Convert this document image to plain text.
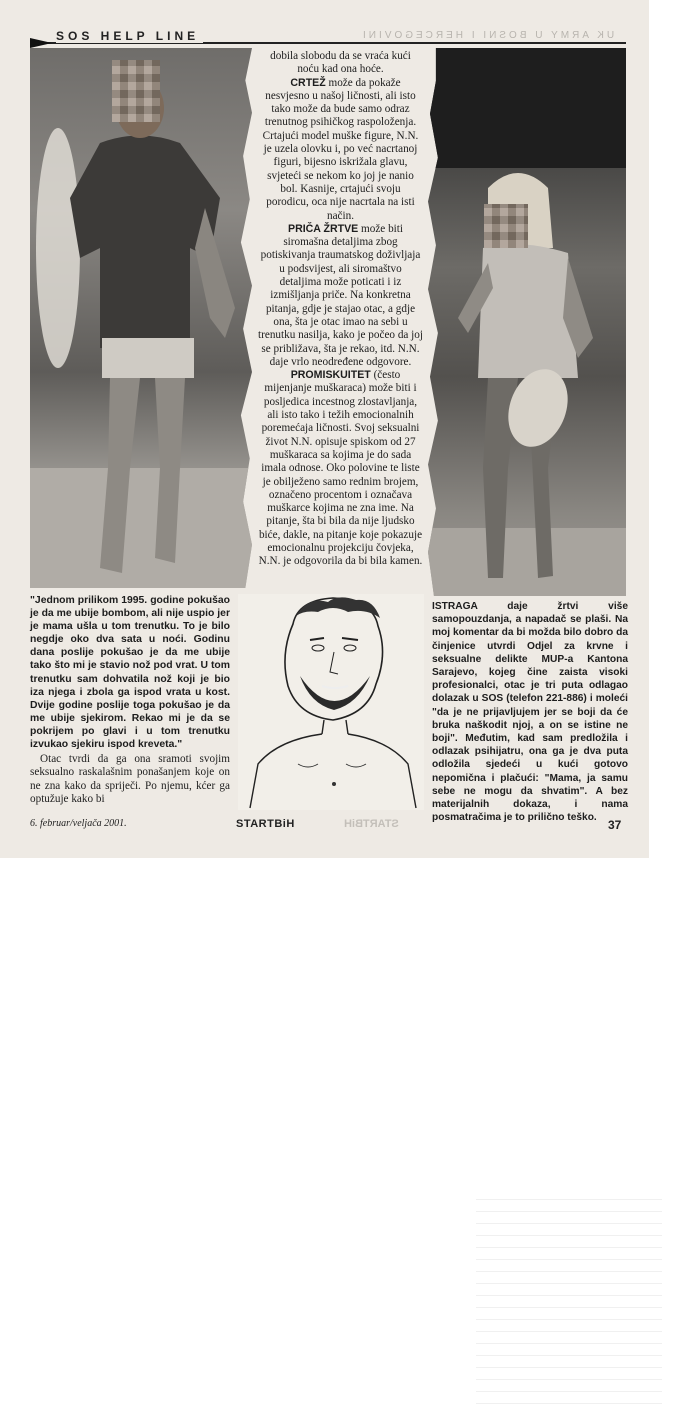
SOS HELP LINE	UK ARMY U BOSNI I HERCEGOVINI

dobila slobodu da se vraća kući noću kad ona hoće.

CRTEŽ može da pokaže nesvjesno u našoj ličnosti, ali isto tako može da bude samo odraz trenutnog psihičkog raspoloženja. Crtajući model muške figure, N.N. je uzela olovku i, po već nacrtanoj figuri, bijesno iskrižala glavu, svjetеći se nekom ko joj je nanio bol. Kasnije, crtajući svoju porodicu, oca nije nacrtala na isti način.

PRIČA ŽRTVE može biti siromašna detaljima zbog potiskivanja traumatskog doživljaja u podsvijest, ali siromaštvo detaljima može poticati i iz izmišljanja priče. Na konkretna pitanja, gdje je stajao otac, a gdje ona, šta je otac imao na sebi u trenutku nasilja, kako je počeo da joj se približava, šta je rekao, itd. N.N. daje vrlo neodređene odgovore.

PROMISKUITET (često mijenjanje muškaraca) može biti i posljedica incestnog zlostavljanja, ali isto tako i težih emocionalnih poremećaja ličnosti. Svoj seksualni život N.N. opisuje spiskom od 27 muškaraca sa kojima je do sada imala odnose. Oko polovine te liste je obilježeno samo rednim brojem, označeno procentom i označava muškarce kojima ne zna ime. Na pitanje, šta bi bila da nije ljudsko biće, dakle, na pitanje koje pokazuje emocionalnu projekciju čovjeka, N.N. je odgovorila da bi bila kamen.

"Jednom prilikom 1995. godine pokušao je da me ubije bombom, ali nije uspio jer je mama ušla u tom trenutku. To je bilo negdje oko dva sata u noći. Godinu dana poslije pokušao je da me ubije tako što mi je stavio nož pod vrat. U tom trenutku sam dohvatila nož koji je bio iza njega i zbola ga ispod vrata u kost. Dvije godine poslije toga pokušao je da me ubije sjekirom. Rekao mi je da se pokrijem po glavi i u tom trenutku izvukao sjekiru ispod kreveta."

Otac tvrdi da ga ona sramoti svojim seksualno raskalašnim ponašanjem koje on ne zna kako da spriječi. Po njemu, kćer ga optužuje kako bi

ISTRAGA daje žrtvi više samopouzdanja, a napadač se plaši. Na moj komentar da bi možda bilo dobro da činjenice utvrdi Odjel za krvne i seksualne delikte MUP-a Kantona Sarajevo, kojeg čine zaista visoki profesionalci, otac je tri puta odlagao dolazak u SOS (telefon 221-886) i molеći "da je ne prijavljujem jer se boji da će bruka naškodit njoj, a on se istine ne boji". Međutim, kad sam predložila i odlazak psihijatru, ona ga je dva puta odložila sjedeći u kući gotovo nepomična i plačući: "Mama, ja samu sebe ne mogu da shvatim". A bez materijalnih dokaza, i nama posmatračima je to prilično teško.

6. februar/veljača 2001.	STARTBiH	STARTBiH	37
